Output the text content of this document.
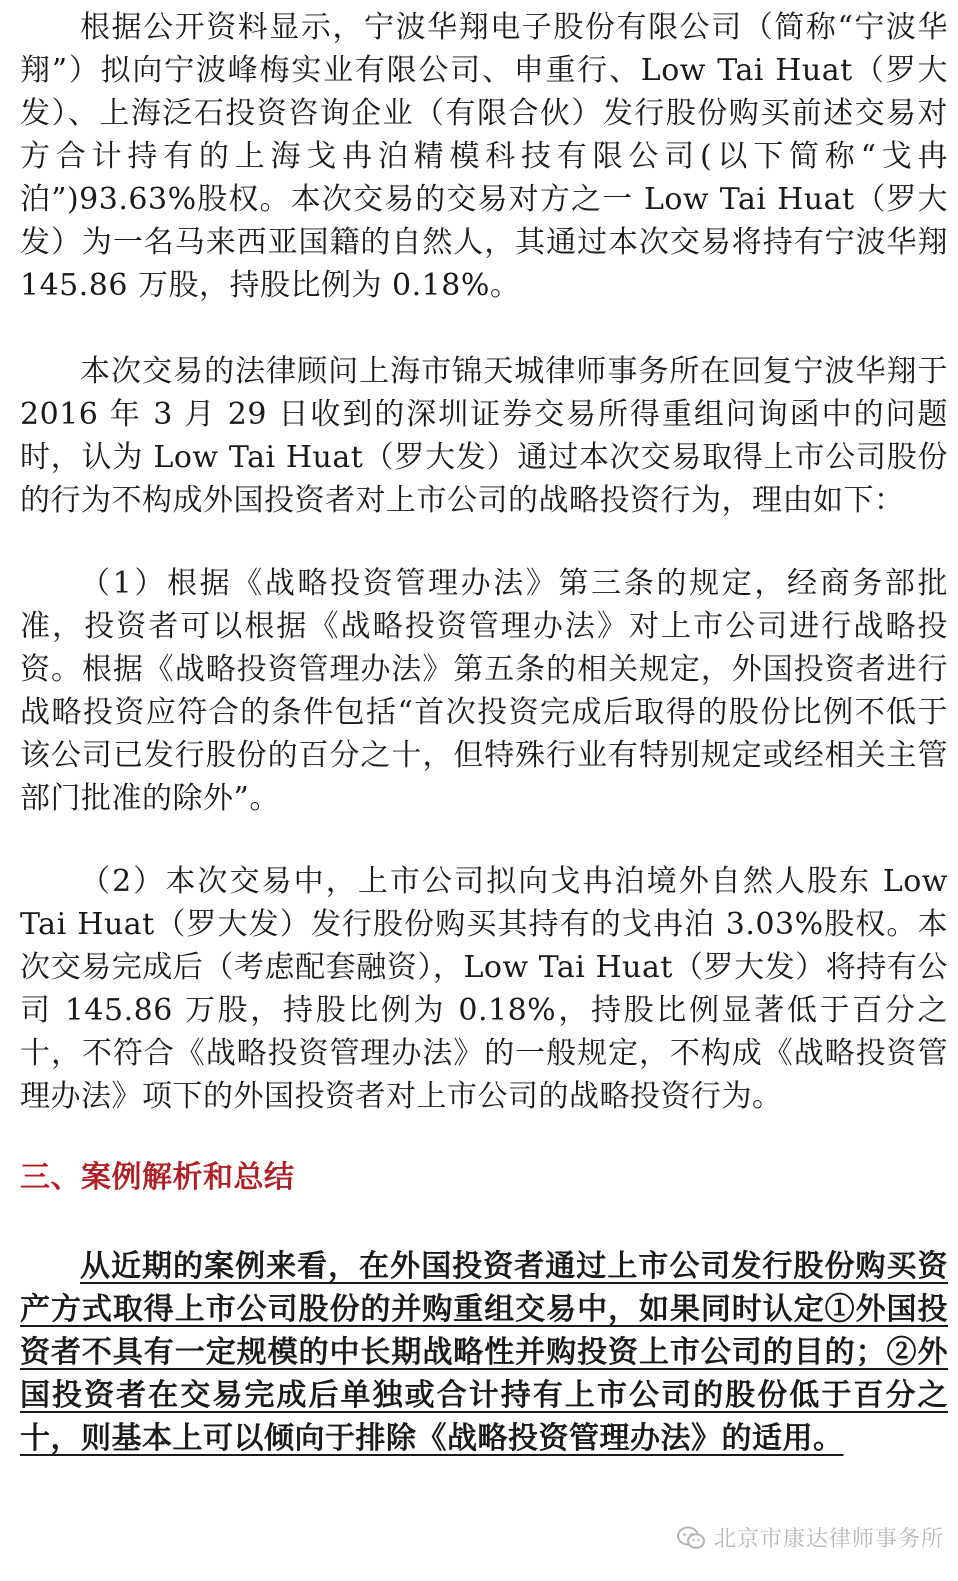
根据公开资料显示，宁波华翔电子股份有限公司（简称“宁波华翔”）拟向宁波峰梅实业有限公司、申重行、Low Tai Huat（罗大发）、上海泛石投资咨询企业（有限合伙）发行股份购买前述交易对方合计持有的上海戈冉泊精模科技有限公司(以下简称“戈冉泊”)93.63%股权。本次交易的交易对方之一 Low Tai Huat（罗大发）为一名马来西亚国籍的自然人，其通过本次交易将持有宁波华翔 145.86 万股，持股比例为 0.18%。

本次交易的法律顾问上海市锦天城律师事务所在回复宁波华翔于 2016 年 3 月 29 日收到的深圳证券交易所得重组问询函中的问题时，认为 Low Tai Huat（罗大发）通过本次交易取得上市公司股份的行为不构成外国投资者对上市公司的战略投资行为，理由如下：

（1）根据《战略投资管理办法》第三条的规定，经商务部批准，投资者可以根据《战略投资管理办法》对上市公司进行战略投资。根据《战略投资管理办法》第五条的相关规定，外国投资者进行战略投资应符合的条件包括“首次投资完成后取得的股份比例不低于该公司已发行股份的百分之十，但特殊行业有特别规定或经相关主管部门批准的除外”。

（2）本次交易中，上市公司拟向戈冉泊境外自然人股东 Low Tai Huat（罗大发）发行股份购买其持有的戈冉泊 3.03%股权。本次交易完成后（考虑配套融资），Low Tai Huat（罗大发）将持有公司 145.86 万股，持股比例为 0.18%，持股比例显著低于百分之十，不符合《战略投资管理办法》的一般规定，不构成《战略投资管理办法》项下的外国投资者对上市公司的战略投资行为。

三、案例解析和总结

从近期的案例来看，在外国投资者通过上市公司发行股份购买资产方式取得上市公司股份的并购重组交易中，如果同时认定①外国投资者不具有一定规模的中长期战略性并购投资上市公司的目的；②外国投资者在交易完成后单独或合计持有上市公司的股份低于百分之十，则基本上可以倾向于排除《战略投资管理办法》的适用。

北京市康达律师事务所
